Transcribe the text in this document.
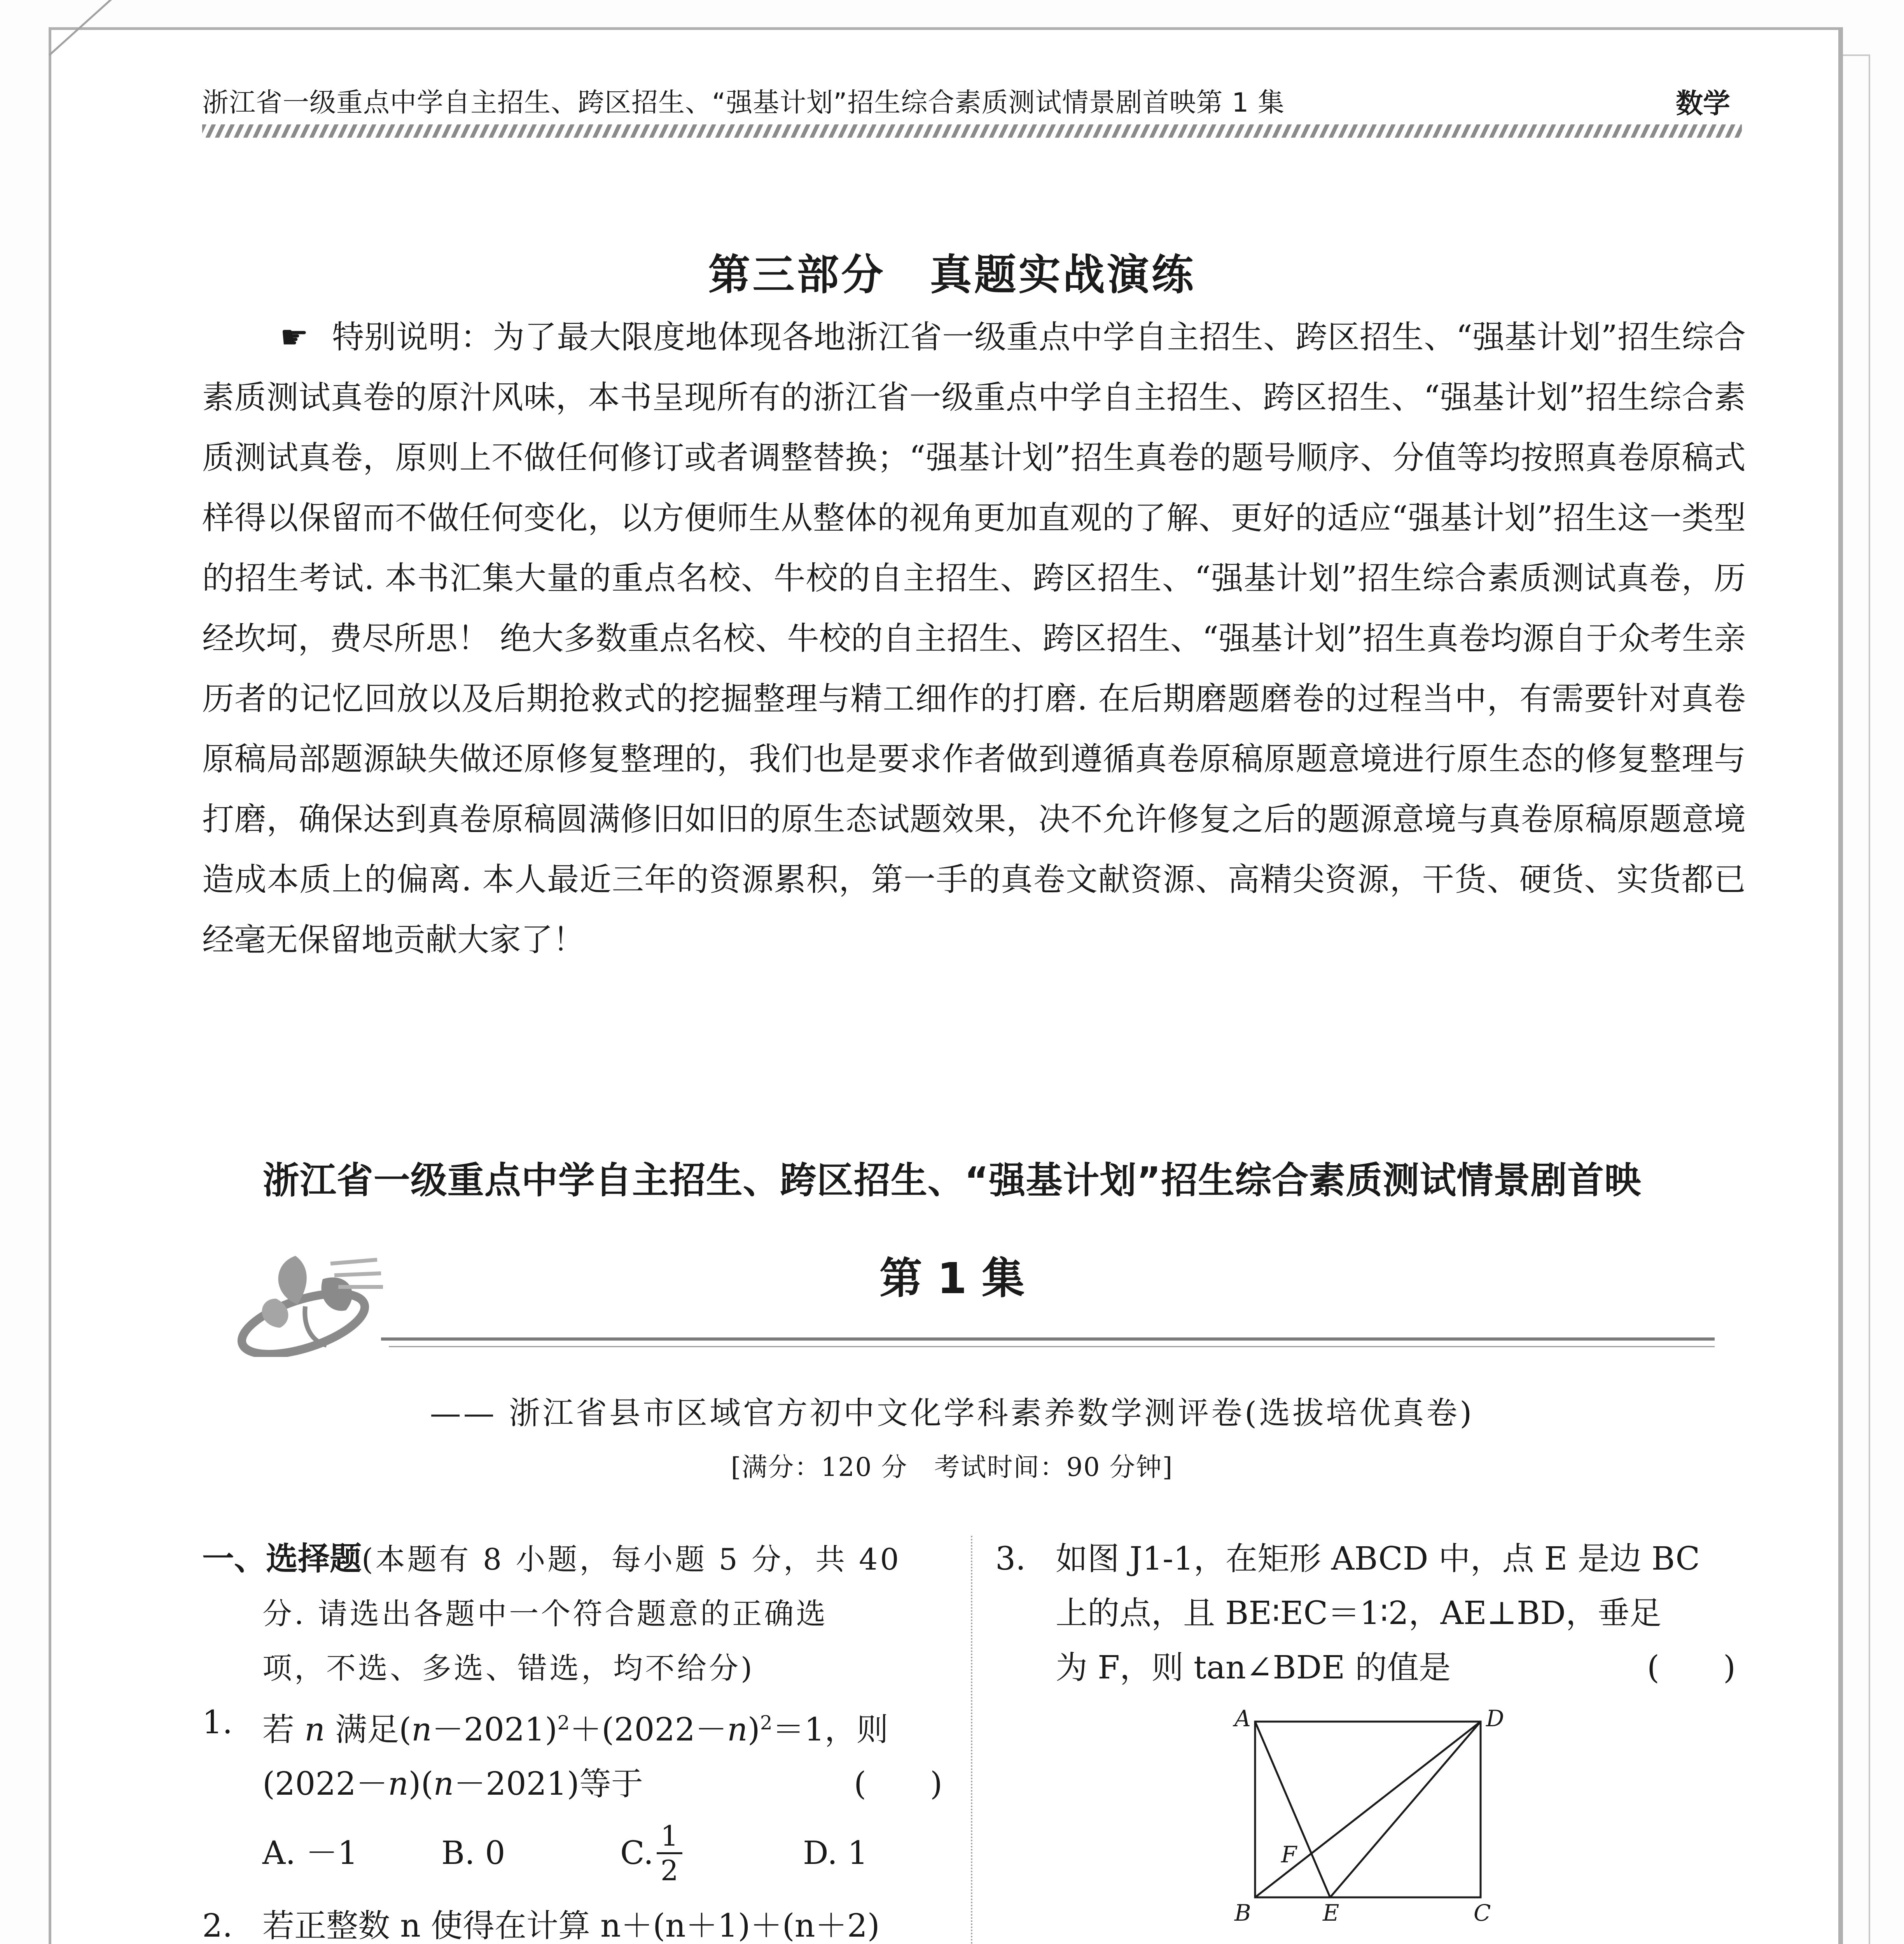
浙江省一级重点中学自主招生、跨区招生、“强基计划”招生综合素质测试情景剧首映第 1 集	数学
第三部分　真题实战演练
☛ 特别说明：为了最大限度地体现各地浙江省一级重点中学自主招生、跨区招生、“强基计划”招生综合素质测试真卷的原汁风味，本书呈现所有的浙江省一级重点中学自主招生、跨区招生、“强基计划”招生综合素质测试真卷，原则上不做任何修订或者调整替换；“强基计划”招生真卷的题号顺序、分值等均按照真卷原稿式样得以保留而不做任何变化，以方便师生从整体的视角更加直观的了解、更好的适应“强基计划”招生这一类型的招生考试. 本书汇集大量的重点名校、牛校的自主招生、跨区招生、“强基计划”招生综合素质测试真卷，历经坎坷，费尽所思！ 绝大多数重点名校、牛校的自主招生、跨区招生、“强基计划”招生真卷均源自于众考生亲历者的记忆回放以及后期抢救式的挖掘整理与精工细作的打磨. 在后期磨题磨卷的过程当中，有需要针对真卷原稿局部题源缺失做还原修复整理的，我们也是要求作者做到遵循真卷原稿原题意境进行原生态的修复整理与打磨，确保达到真卷原稿圆满修旧如旧的原生态试题效果，决不允许修复之后的题源意境与真卷原稿原题意境造成本质上的偏离. 本人最近三年的资源累积，第一手的真卷文献资源、高精尖资源，干货、硬货、实货都已经毫无保留地贡献大家了！
浙江省一级重点中学自主招生、跨区招生、“强基计划”招生综合素质测试情景剧首映
第 1 集
—— 浙江省县市区域官方初中文化学科素养数学测评卷(选拔培优真卷)
[满分：120 分　考试时间：90 分钟]
一、选择题(本题有 8 小题，每小题 5 分，共 40
分. 请选出各题中一个符合题意的正确选
项，不选、多选、错选，均不给分)
1. 若 n 满足$(n-2021)^2+(2022-n)^2=1$，则
(　　)
(2022－n)(n－2021)等于
A. －1	B. 0	C. $\frac{1}{2}$	D. 1
2. 若正整数 n 使得在计算 n＋(n＋1)＋(n＋2)
3. 如图 J1-1，在矩形 ABCD 中，点 E 是边 BC
上的点，且 BE∶EC＝1∶2，AE⊥BD，垂足
(　　)
为 F，则 tan∠BDE 的值是
A	D
B	C
E
F
